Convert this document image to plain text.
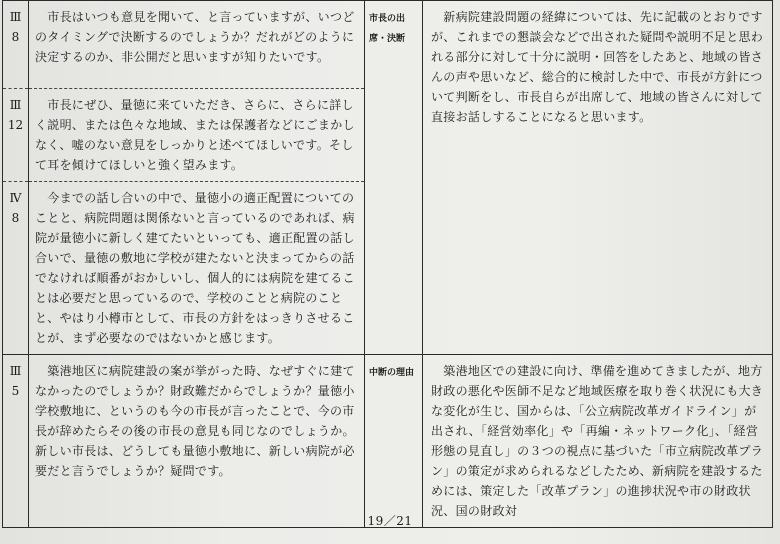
Ⅲ
8	　市長はいつも意見を聞いて、と言っていますが、いつどのタイミングで決断するのでしょうか？だれがどのように決定するのか、非公開だと思いますが知りたいです。	市長の出席・決断	　新病院建設問題の経緯については、先に記載のとおりですが、これまでの懇談会などで出された疑問や説明不足と思われる部分に対して十分に説明・回答をしたあと、地域の皆さんの声や思いなど、総合的に検討した中で、市長が方針について判断をし、市長自らが出席して、地域の皆さんに対して直接お話しすることになると思います。

Ⅲ
12	　市長にぜひ、量徳に来ていただき、さらに、さらに詳しく説明、または色々な地域、または保護者などにごまかしなく、嘘のない意見をしっかりと述べてほしいです。そして耳を傾けてほしいと強く望みます。		

Ⅳ
8	　今までの話し合いの中で、量徳小の適正配置についてのことと、病院問題は関係ないと言っているのであれば、病院が量徳小に新しく建てたいといっても、適正配置の話し合いで、量徳の敷地に学校が建たないと決まってからの話でなければ順番がおかしいし、個人的には病院を建てることは必要だと思っているので、学校のことと病院のことと、やはり小樽市として、市長の方針をはっきりさせることが、まず必要なのではないかと感じます。		

Ⅲ
5	　築港地区に病院建設の案が挙がった時、なぜすぐに建てなかったのでしょうか？財政難だからでしょうか？量徳小学校敷地に、というのも今の市長が言ったことで、今の市長が辞めたらその後の市長の意見も同じなのでしょうか。新しい市長は、どうしても量徳小敷地に、新しい病院が必要だと言うでしょうか？疑問です。	中断の理由	　築港地区での建設に向け、準備を進めてきましたが、地方財政の悪化や医師不足など地域医療を取り巻く状況にも大きな変化が生じ、国からは、「公立病院改革ガイドライン」が出され、「経営効率化」や「再編・ネットワーク化」、「経営形態の見直し」の３つの視点に基づいた「市立病院改革プラン」の策定が求められるなどしたため、新病院を建設するためには、策定した「改革プラン」の進捗状況や市の財政状況、国の財政対
19／21
